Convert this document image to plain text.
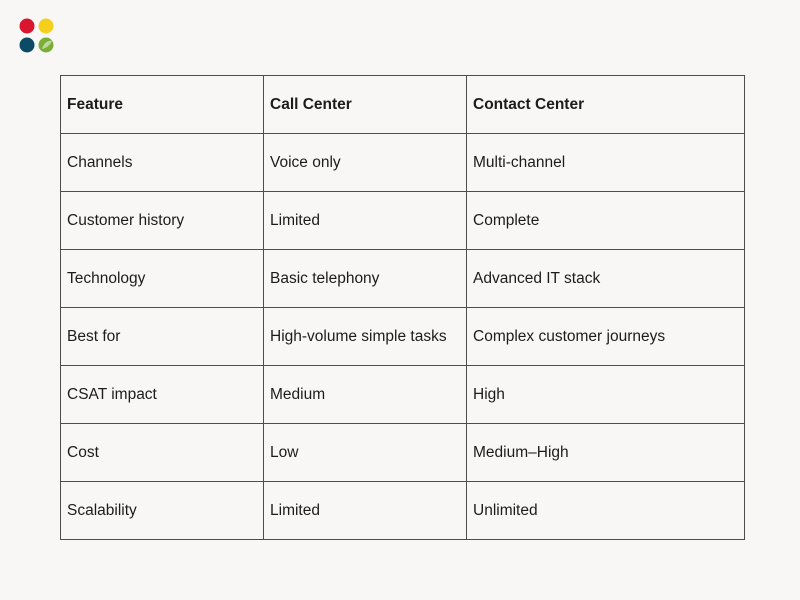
Feature	Call Center	Contact Center
Channels	Voice only	Multi-channel
Customer history	Limited	Complete
Technology	Basic telephony	Advanced IT stack
Best for	High-volume simple tasks	Complex customer journeys
CSAT impact	Medium	High
Cost	Low	Medium–High
Scalability	Limited	Unlimited
